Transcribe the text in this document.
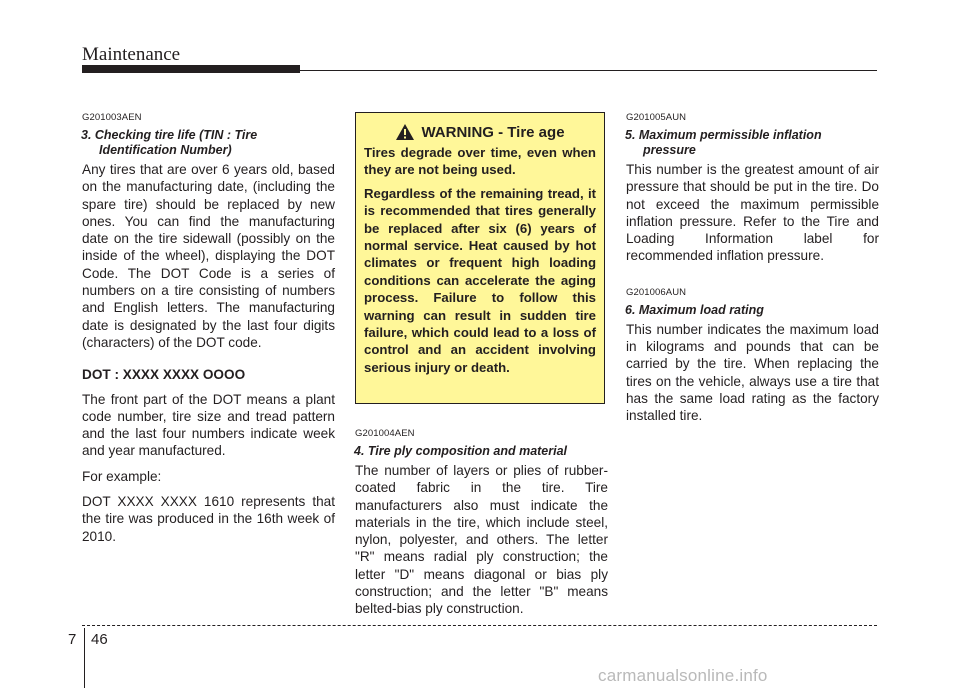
Maintenance

G201003AEN

3. Checking tire life (TIN : Tire
Identification Number)

Any tires that are over 6 years old, based on the manufacturing date, (including the spare tire) should be replaced by new ones. You can find the manufacturing date on the tire sidewall (possibly on the inside of the wheel), displaying the DOT Code. The DOT Code is a series of numbers on a tire consisting of numbers and English letters. The manufacturing date is designated by the last four digits (characters) of the DOT code.

DOT : XXXX XXXX OOOO

The front part of the DOT means a plant code number, tire size and tread pattern and the last four numbers indicate week and year manufactured.

For example:

DOT XXXX XXXX 1610 represents that the tire was produced in the 16th week of 2010.

WARNING - Tire age

Tires degrade over time, even when they are not being used.

Regardless of the remaining tread, it is recommended that tires generally be replaced after six (6) years of normal service. Heat caused by hot climates or frequent high loading conditions can accelerate the aging process. Failure to follow this warning can result in sudden tire failure, which could lead to a loss of control and an accident involving serious injury or death.

G201004AEN

4. Tire ply composition and material

The number of layers or plies of rubber-coated fabric in the tire. Tire manufacturers also must indicate the materials in the tire, which include steel, nylon, polyester, and others. The letter "R" means radial ply construction; the letter "D" means diagonal or bias ply construction; and the letter "B" means belted-bias ply construction.

G201005AUN

5. Maximum permissible inflation
pressure

This number is the greatest amount of air pressure that should be put in the tire. Do not exceed the maximum permissible inflation pressure. Refer to the Tire and Loading Information label for recommended inflation pressure.

G201006AUN

6. Maximum load rating

This number indicates the maximum load in kilograms and pounds that can be carried by the tire. When replacing the tires on the vehicle, always use a tire that has the same load rating as the factory installed tire.

7 46
carmanualsonline.info
